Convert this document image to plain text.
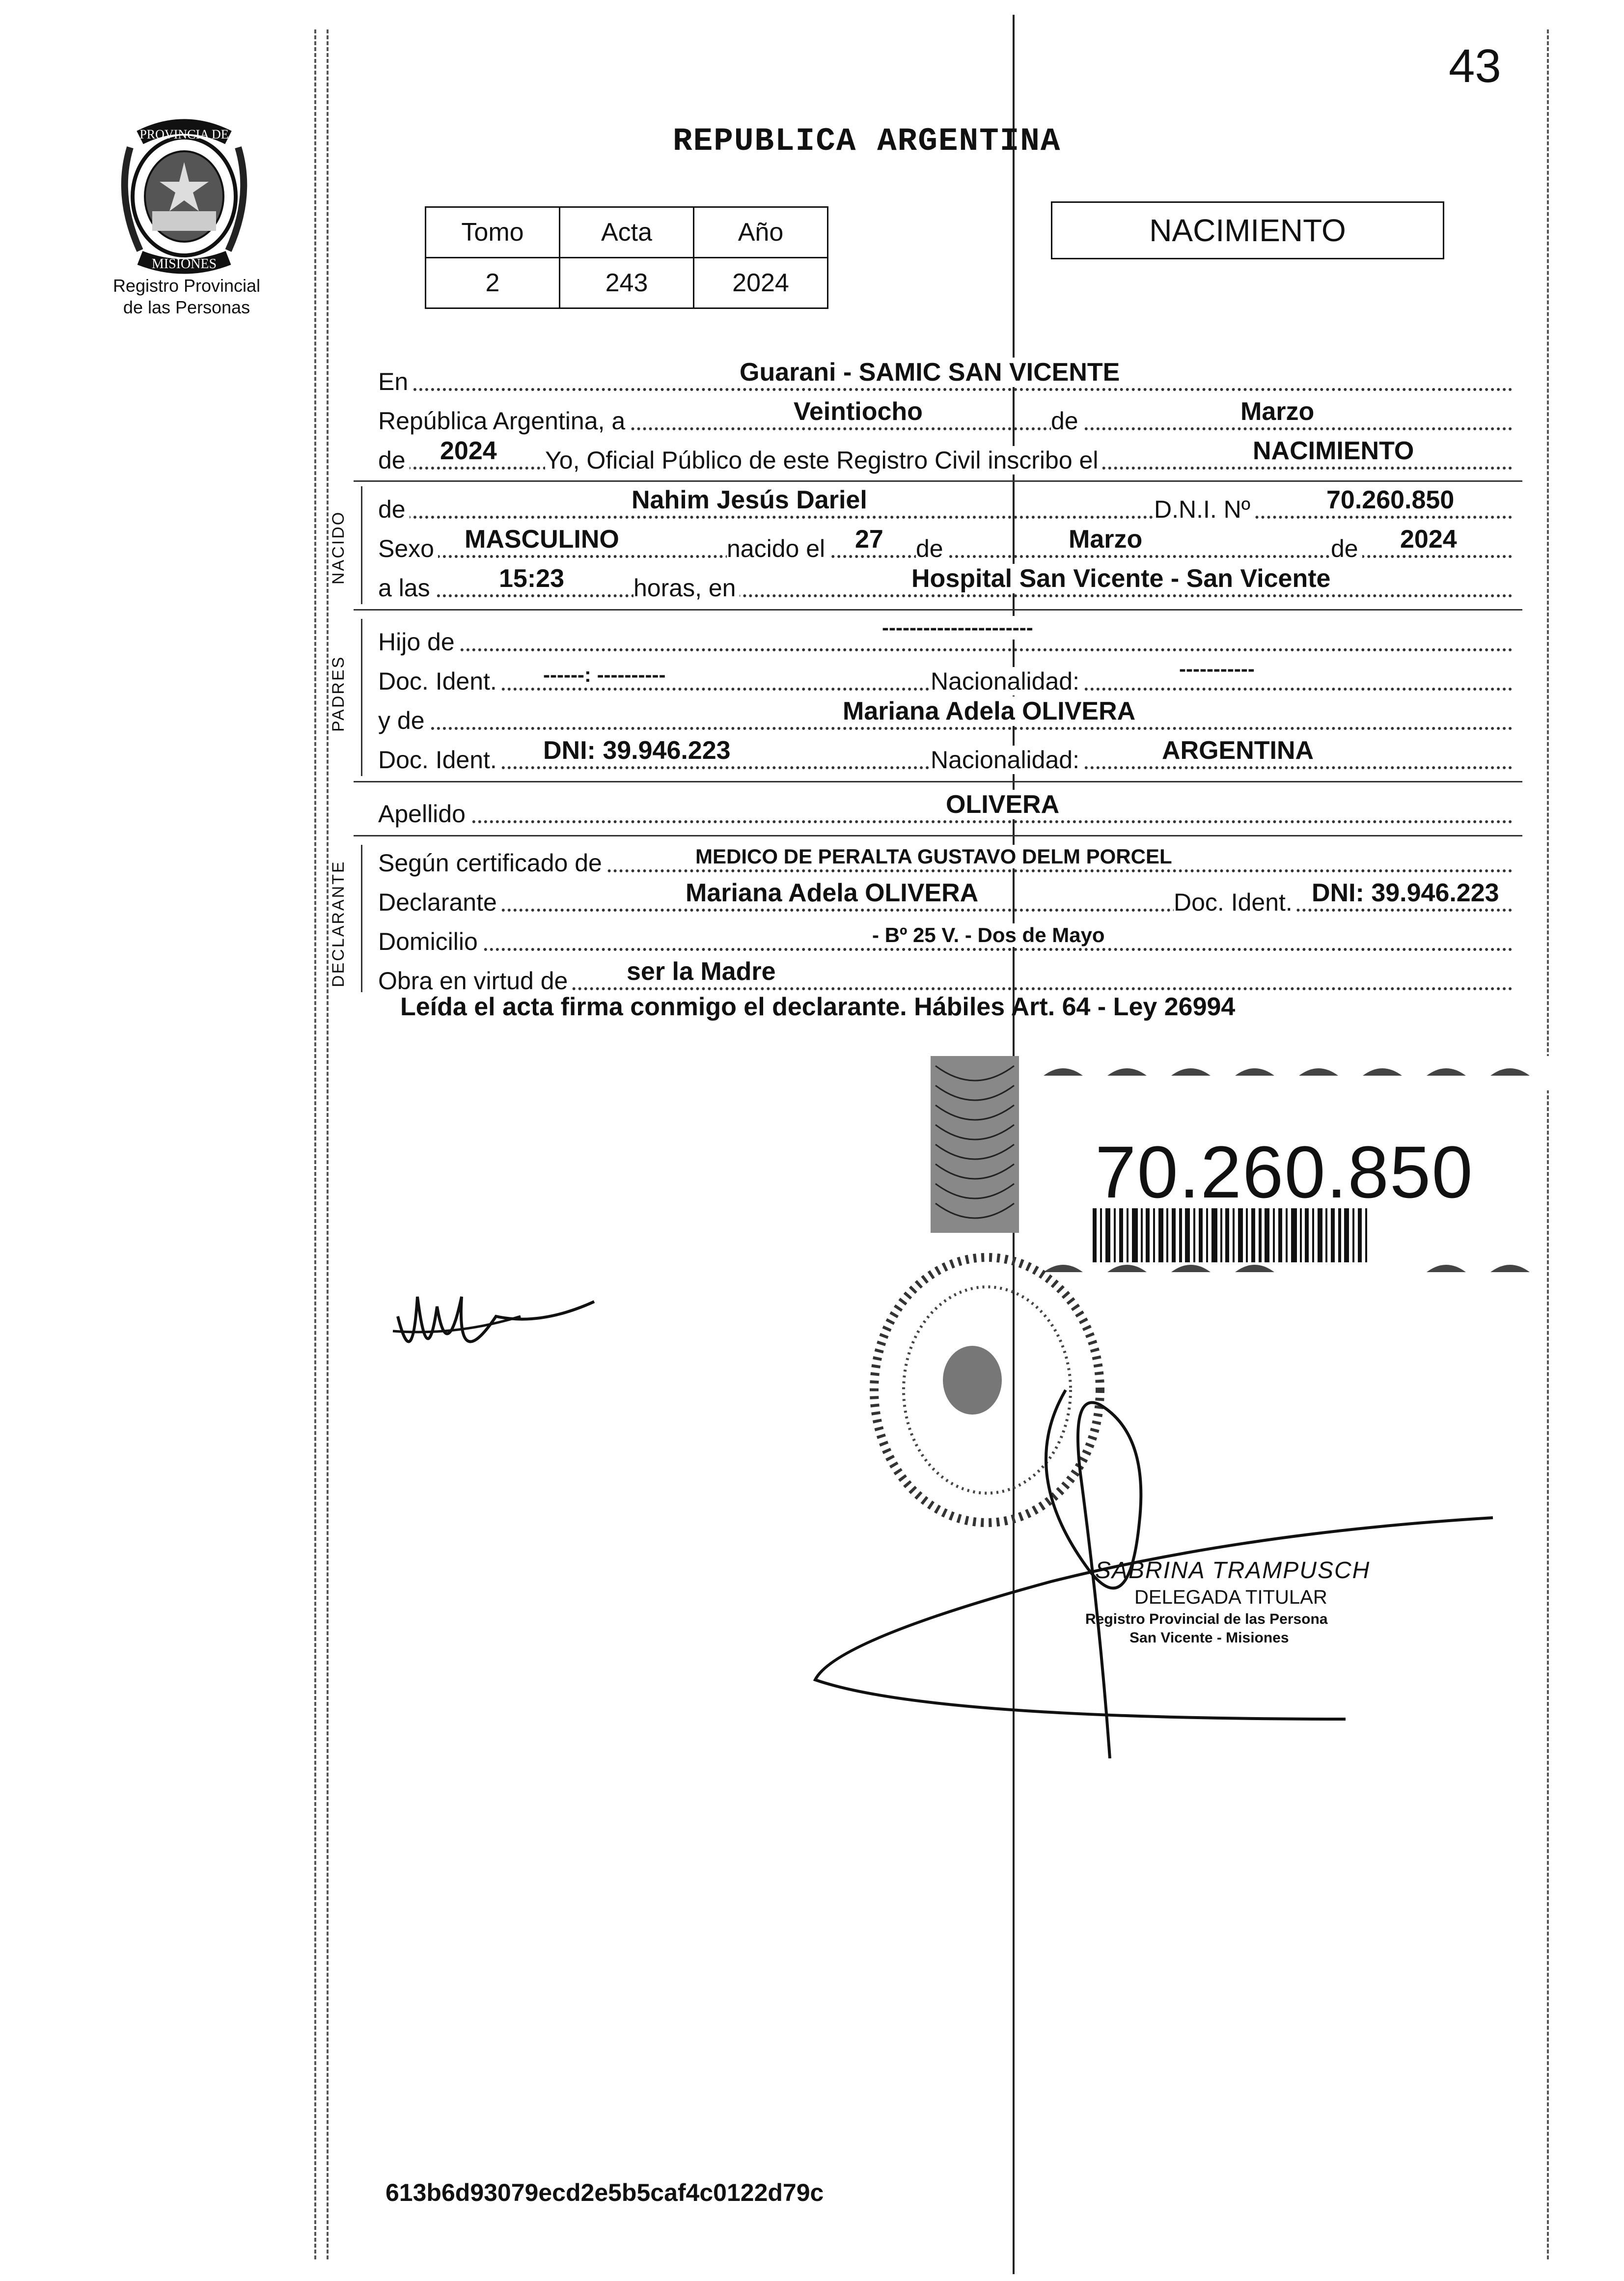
43
PROVINCIA DE
MISIONES
Registro Provincial
de las Personas
REPUBLICA ARGENTINA
Tomo	Acta	Año
2	243	2024
NACIMIENTO
En	Guarani - SAMIC SAN VICENTE
República Argentina, a	Veintiocho	de	Marzo
de 2024 Yo, Oficial Público de este Registro Civil inscribo el	NACIMIENTO
de	Nahim Jesús Dariel	D.N.I. Nº	70.260.850
Sexo MASCULINO	nacido el 27 de	Marzo	de 2024
a las	15:23	horas, en	Hospital San Vicente - San Vicente
Hijo de
----------------------
Doc. Ident. ------: ----------	Nacionalidad:	-----------
y de	Mariana Adela OLIVERA
Doc. Ident. DNI: 39.946.223	Nacionalidad:	ARGENTINA
Apellido	OLIVERA
Según certificado de	MEDICO DE PERALTA GUSTAVO DELM PORCEL
Declarante	Mariana Adela OLIVERA	Doc. Ident. DNI: 39.946.223
Domicilio	- Bº 25 V. - Dos de Mayo
Obra en virtud de ser la Madre
NACIDO
PADRES
DECLARANTE
Leída el acta firma conmigo el declarante. Hábiles Art. 64 - Ley 26994
70.260.850
SABRINA TRAMPUSCH
DELEGADA TITULAR
Registro Provincial de las Persona
San Vicente - Misiones
613b6d93079ecd2e5b5caf4c0122d79c
